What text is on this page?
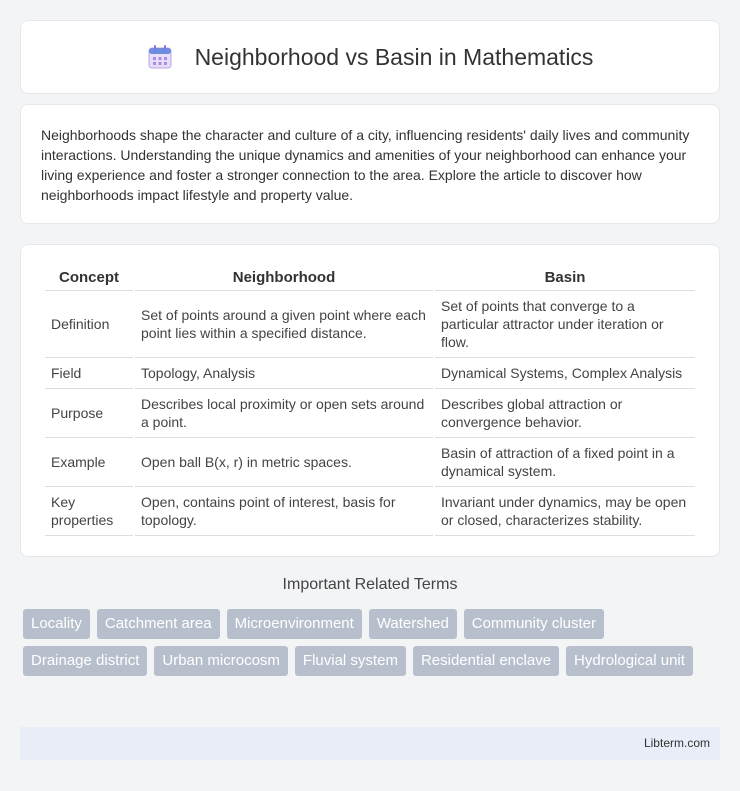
Neighborhood vs Basin in Mathematics

Neighborhoods shape the character and culture of a city, influencing residents' daily lives and community interactions. Understanding the unique dynamics and amenities of your neighborhood can enhance your living experience and foster a stronger connection to the area. Explore the article to discover how neighborhoods impact lifestyle and property value.

Concept	Neighborhood	Basin
Definition	Set of points around a given point where each point lies within a specified distance.	Set of points that converge to a particular attractor under iteration or flow.
Field	Topology, Analysis	Dynamical Systems, Complex Analysis
Purpose	Describes local proximity or open sets around a point.	Describes global attraction or convergence behavior.
Example	Open ball B(x, r) in metric spaces.	Basin of attraction of a fixed point in a dynamical system.
Key properties	Open, contains point of interest, basis for topology.	Invariant under dynamics, may be open or closed, characterizes stability.
Important Related Terms
Locality	Catchment area	Microenvironment	Watershed	Community cluster
Drainage district	Urban microcosm	Fluvial system	Residential enclave	Hydrological unit
Libterm.com
